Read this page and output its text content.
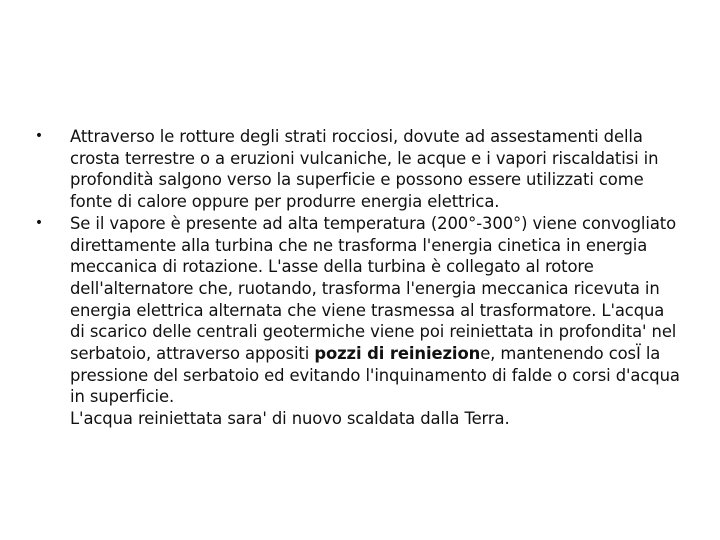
• Attraverso le rotture degli strati rocciosi, dovute ad assestamenti della crosta terrestre o a eruzioni vulcaniche, le acque e i vapori riscaldatisi in profondità salgono verso la superficie e possono essere utilizzati come fonte di calore oppure per produrre energia elettrica.
• Se il vapore è presente ad alta temperatura (200°-300°) viene convogliato direttamente alla turbina che ne trasforma l'energia cinetica in energia meccanica di rotazione. L'asse della turbina è collegato al rotore dell'alternatore che, ruotando, trasforma l'energia meccanica ricevuta in energia elettrica alternata che viene trasmessa al trasformatore. L'acqua di scarico delle centrali geotermiche viene poi reiniettata in profondita' nel serbatoio, attraverso appositi pozzi di reiniezione, mantenendo cosÏ la pressione del serbatoio ed evitando l'inquinamento di falde o corsi d'acqua in superficie.
L'acqua reiniettata sara' di nuovo scaldata dalla Terra.
